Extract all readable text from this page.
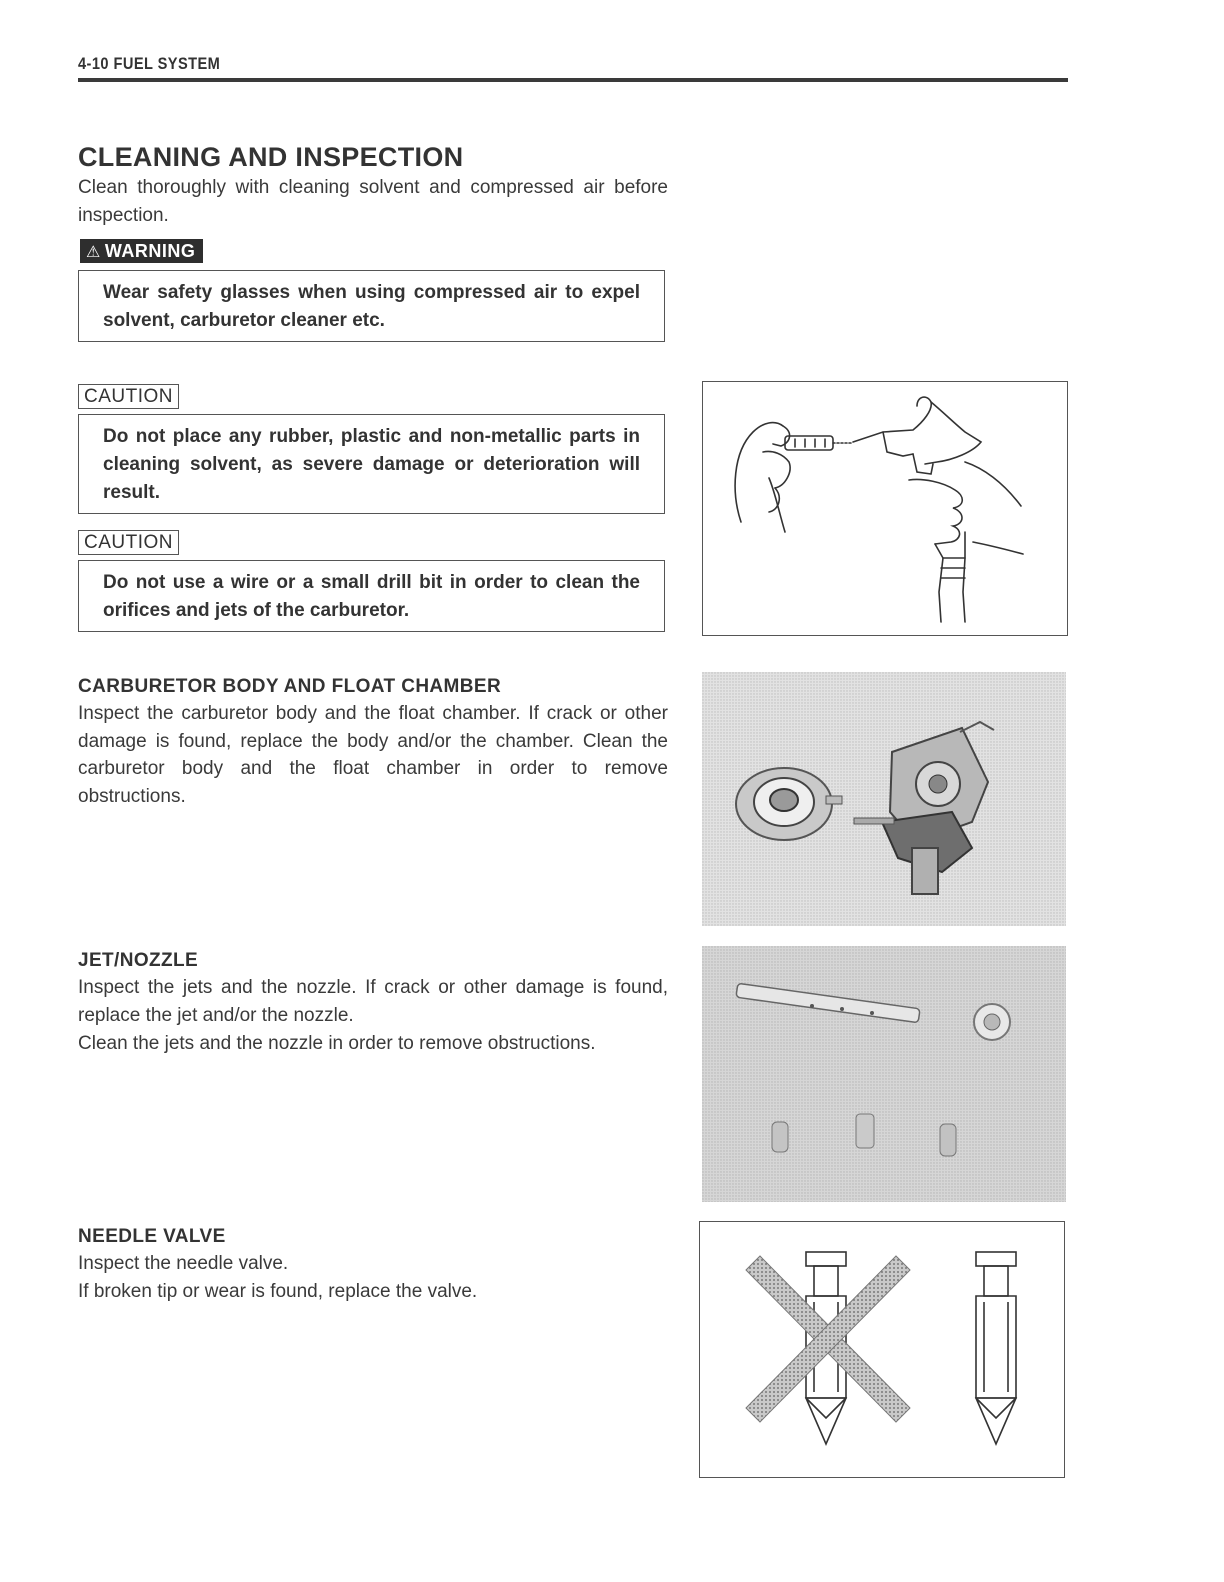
4-10 FUEL SYSTEM
CLEANING AND INSPECTION
Clean thoroughly with cleaning solvent and compressed air before inspection.
⚠ WARNING
Wear safety glasses when using compressed air to expel solvent, carburetor cleaner etc.
CAUTION
Do not place any rubber, plastic and non-metallic parts in cleaning solvent, as severe damage or deterioration will result.
CAUTION
Do not use a wire or a small drill bit in order to clean the orifices and jets of the carburetor.
CARBURETOR BODY AND FLOAT CHAMBER
Inspect the carburetor body and the float chamber. If crack or other damage is found, replace the body and/or the chamber. Clean the carburetor body and the float chamber in order to remove obstructions.
JET/NOZZLE
Inspect the jets and the nozzle. If crack or other damage is found, replace the jet and/or the nozzle.
Clean the jets and the nozzle in order to remove obstructions.
NEEDLE VALVE
Inspect the needle valve.
If broken tip or wear is found, replace the valve.
